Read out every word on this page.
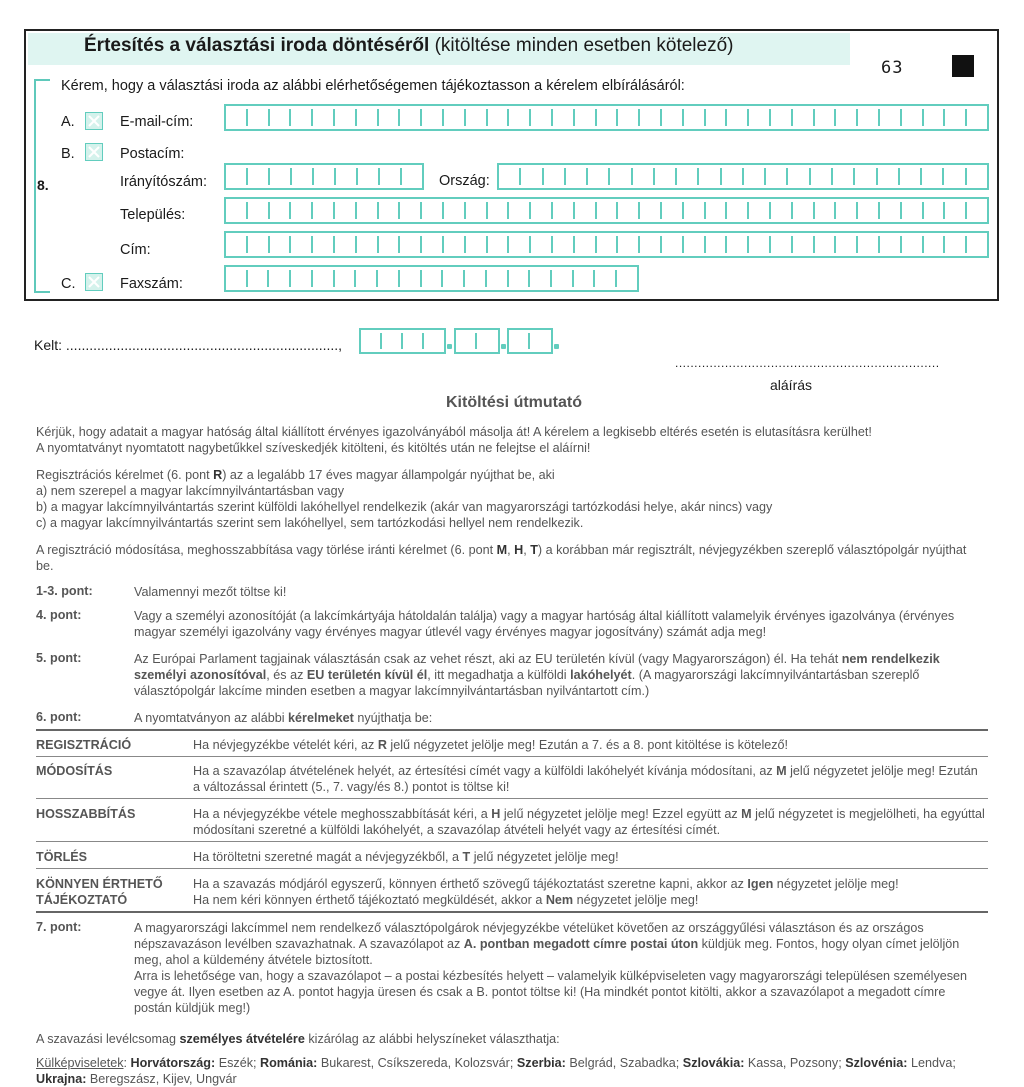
Értesítés a választási iroda döntéséről (kitöltése minden esetben kötelező)
63
Kérem, hogy a választási iroda az alábbi elérhetőségemen tájékoztasson a kérelem elbírálásáról:
8.
A.	E-mail-cím:
B.	Postacím:
Irányítószám:	Ország:
Település:
Cím:
C.	Faxszám:
Kelt: ......................................................................,
.....................................................................
aláírás
Kitöltési útmutató
Kérjük, hogy adatait a magyar hatóság által kiállított érvényes igazolványából másolja át! A kérelem a legkisebb eltérés esetén is elutasításra kerülhet!
A nyomtatványt nyomtatott nagybetűkkel szíveskedjék kitölteni, és kitöltés után ne felejtse el aláírni!
Regisztrációs kérelmet (6. pont R) az a legalább 17 éves magyar állampolgár nyújthat be, aki
a) nem szerepel a magyar lakcímnyilvántartásban vagy
b) a magyar lakcímnyilvántartás szerint külföldi lakóhellyel rendelkezik (akár van magyarországi tartózkodási helye, akár nincs) vagy
c) a magyar lakcímnyilvántartás szerint sem lakóhellyel, sem tartózkodási hellyel nem rendelkezik.
A regisztráció módosítása, meghosszabbítása vagy törlése iránti kérelmet (6. pont M, H, T) a korábban már regisztrált, névjegyzékben szereplő választópolgár nyújthat be.
1-3. pont:	Valamennyi mezőt töltse ki!
4. pont:	Vagy a személyi azonosítóját (a lakcímkártyája hátoldalán találja) vagy a magyar hartóság által kiállított valamelyik érvényes igazolványa (érvényes magyar személyi igazolvány vagy érvényes magyar útlevél vagy érvényes magyar jogosítvány) számát adja meg!
5. pont:	Az Európai Parlament tagjainak választásán csak az vehet részt, aki az EU területén kívül (vagy Magyarországon) él. Ha tehát nem rendelkezik személyi azonosítóval, és az EU területén kívül él, itt megadhatja a külföldi lakóhelyét. (A magyarországi lakcímnyilvántartásban szereplő választópolgár lakcíme minden esetben a magyar lakcímnyilvántartásban nyilvántartott cím.)
6. pont:	A nyomtatványon az alábbi kérelmeket nyújthatja be:
REGISZTRÁCIÓ	Ha névjegyzékbe vételét kéri, az R jelű négyzetet jelölje meg! Ezután a 7. és a 8. pont kitöltése is kötelező!
MÓDOSÍTÁS	Ha a szavazólap átvételének helyét, az értesítési címét vagy a külföldi lakóhelyét kívánja módosítani, az M jelű négyzetet jelölje meg! Ezután a változással érintett (5., 7. vagy/és 8.) pontot is töltse ki!
HOSSZABBÍTÁS	Ha a névjegyzékbe vétele meghosszabbítását kéri, a H jelű négyzetet jelölje meg! Ezzel együtt az M jelű négyzetet is megjelölheti, ha egyúttal módosítani szeretné a külföldi lakóhelyét, a szavazólap átvételi helyét vagy az értesítési címét.
TÖRLÉS	Ha töröltetni szeretné magát a névjegyzékből, a T jelű négyzetet jelölje meg!
KÖNNYEN ÉRTHETŐ
TÁJÉKOZTATÓ
Ha a szavazás módjáról egyszerű, könnyen érthető szövegű tájékoztatást szeretne kapni, akkor az Igen négyzetet jelölje meg!
Ha nem kéri könnyen érthető tájékoztató megküldését, akkor a Nem négyzetet jelölje meg!
7. pont:	A magyarországi lakcímmel nem rendelkező választópolgárok névjegyzékbe vételüket követően az országgyűlési választáson és az országos népszavazáson levélben szavazhatnak. A szavazólapot az A. pontban megadott címre postai úton küldjük meg. Fontos, hogy olyan címet jelöljön meg, ahol a küldemény átvétele biztosított.
Arra is lehetősége van, hogy a szavazólapot – a postai kézbesítés helyett – valamelyik külképviseleten vagy magyarországi településen személyesen vegye át. Ilyen esetben az A. pontot hagyja üresen és csak a B. pontot töltse ki! (Ha mindkét pontot kitölti, akkor a szavazólapot a megadott címre postán küldjük meg!)
A szavazási levélcsomag személyes átvételére kizárólag az alábbi helyszíneket választhatja:
Külképviseletek: Horvátország: Eszék; Románia: Bukarest, Csíkszereda, Kolozsvár; Szerbia: Belgrád, Szabadka; Szlovákia: Kassa, Pozsony; Szlovénia: Lendva;
Ukrajna: Beregszász, Kijev, Ungvár
